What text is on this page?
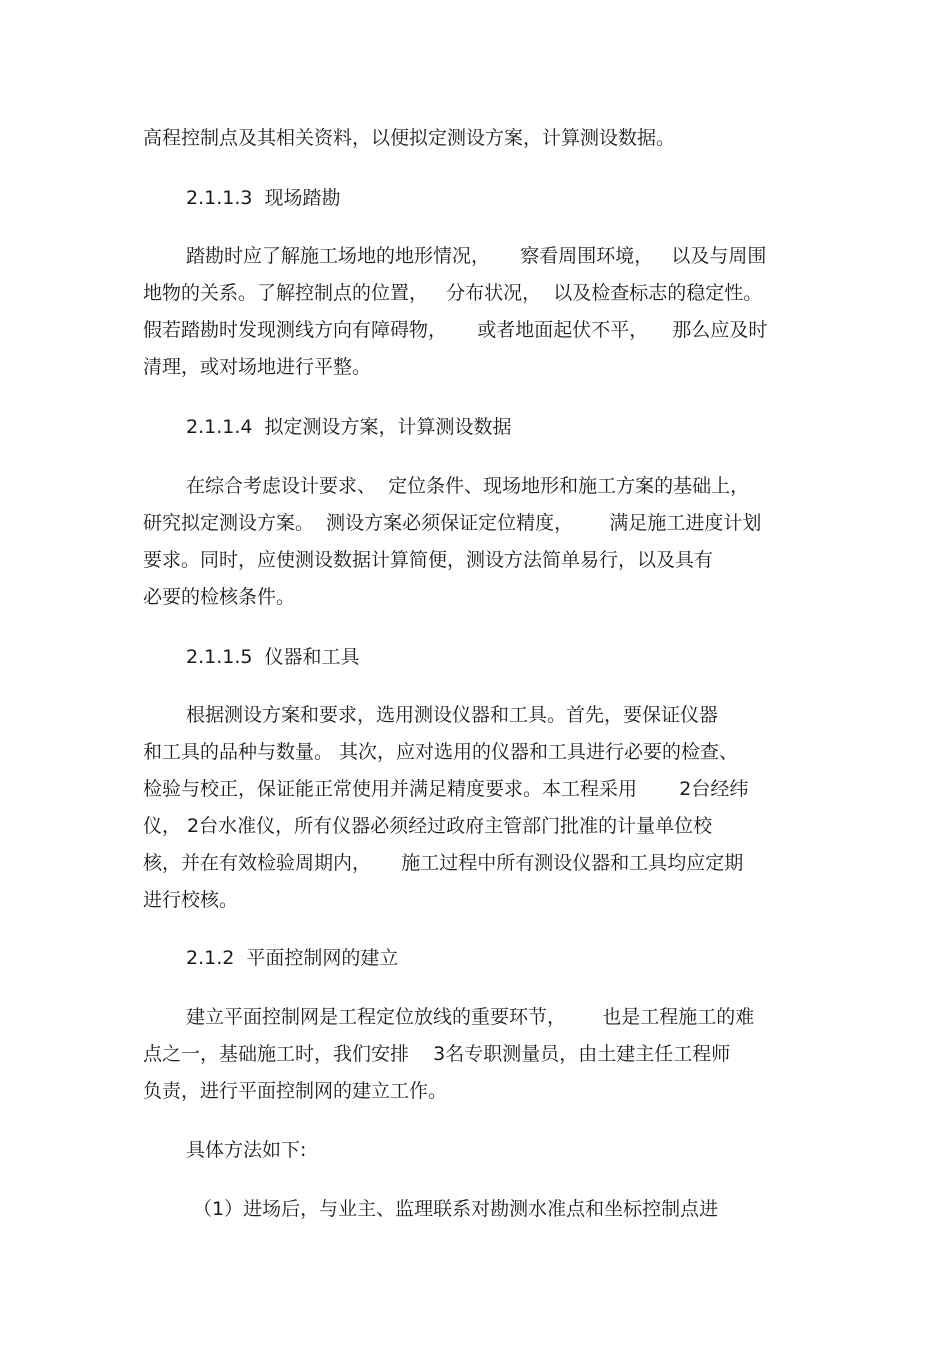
高程控制点及其相关资料，以便拟定测设方案，计算测设数据。
2.1.1.3  现场踏勘
踏勘时应了解施工场地的地形情况，     察看周围环境，   以及与周围
地物的关系。了解控制点的位置，   分布状况，  以及检查标志的稳定性。
假若踏勘时发现测线方向有障碍物，     或者地面起伏不平，    那么应及时
清理，或对场地进行平整。
2.1.1.4  拟定测设方案，计算测设数据
在综合考虑设计要求、  定位条件、现场地形和施工方案的基础上，
研究拟定测设方案。  测设方案必须保证定位精度，      满足施工进度计划
要求。同时，应使测设数据计算简便，测设方法简单易行，以及具有
必要的检核条件。
2.1.1.5  仪器和工具
根据测设方案和要求，选用测设仪器和工具。首先，要保证仪器
和工具的品种与数量。 其次，应对选用的仪器和工具进行必要的检查、
检验与校正，保证能正常使用并满足精度要求。本工程采用       2台经纬
仪， 2台水准仪，所有仪器必须经过政府主管部门批准的计量单位校
核，并在有效检验周期内，     施工过程中所有测设仪器和工具均应定期
进行校核。
2.1.2  平面控制网的建立
建立平面控制网是工程定位放线的重要环节，      也是工程施工的难
点之一，基础施工时，我们安排    3名专职测量员，由土建主任工程师
负责，进行平面控制网的建立工作。
具体方法如下:
（1）进场后，与业主、监理联系对勘测水准点和坐标控制点进
